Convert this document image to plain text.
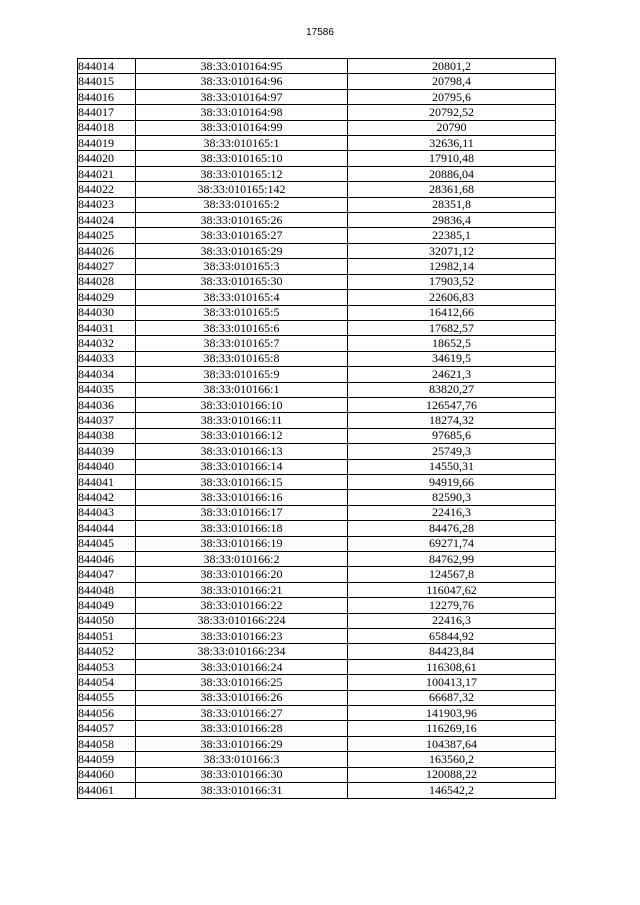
17586
844014	38:33:010164:95	20801,2
844015	38:33:010164:96	20798,4
844016	38:33:010164:97	20795,6
844017	38:33:010164:98	20792,52
844018	38:33:010164:99	20790
844019	38:33:010165:1	32636,11
844020	38:33:010165:10	17910,48
844021	38:33:010165:12	20886,04
844022	38:33:010165:142	28361,68
844023	38:33:010165:2	28351,8
844024	38:33:010165:26	29836,4
844025	38:33:010165:27	22385,1
844026	38:33:010165:29	32071,12
844027	38:33:010165:3	12982,14
844028	38:33:010165:30	17903,52
844029	38:33:010165:4	22606,83
844030	38:33:010165:5	16412,66
844031	38:33:010165:6	17682,57
844032	38:33:010165:7	18652,5
844033	38:33:010165:8	34619,5
844034	38:33:010165:9	24621,3
844035	38:33:010166:1	83820,27
844036	38:33:010166:10	126547,76
844037	38:33:010166:11	18274,32
844038	38:33:010166:12	97685,6
844039	38:33:010166:13	25749,3
844040	38:33:010166:14	14550,31
844041	38:33:010166:15	94919,66
844042	38:33:010166:16	82590,3
844043	38:33:010166:17	22416,3
844044	38:33:010166:18	84476,28
844045	38:33:010166:19	69271,74
844046	38:33:010166:2	84762,99
844047	38:33:010166:20	124567,8
844048	38:33:010166:21	116047,62
844049	38:33:010166:22	12279,76
844050	38:33:010166:224	22416,3
844051	38:33:010166:23	65844,92
844052	38:33:010166:234	84423,84
844053	38:33:010166:24	116308,61
844054	38:33:010166:25	100413,17
844055	38:33:010166:26	66687,32
844056	38:33:010166:27	141903,96
844057	38:33:010166:28	116269,16
844058	38:33:010166:29	104387,64
844059	38:33:010166:3	163560,2
844060	38:33:010166:30	120088,22
844061	38:33:010166:31	146542,2
